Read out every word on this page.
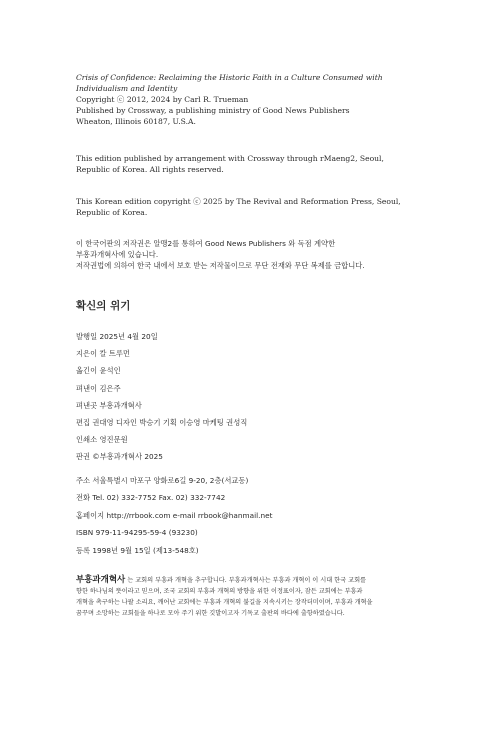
Crisis of Confidence: Reclaiming the Historic Faith in a Culture Consumed with
Individualism and Identity
Copyright ⓒ 2012, 2024 by Carl R. Trueman
Published by Crossway, a publishing ministry of Good News Publishers
Wheaton, Illinois 60187, U.S.A.
This edition published by arrangement with Crossway through rMaeng2, Seoul,
Republic of Korea. All rights reserved.
This Korean edition copyright ⓒ 2025 by The Revival and Reformation Press, Seoul,
Republic of Korea.
이 한국어판의 저작권은 알맹2를 통하여 Good News Publishers 와 독점 계약한
부흥과개혁사에 있습니다.
저작권법에 의하여 한국 내에서 보호 받는 저작물이므로 무단 전재와 무단 복제를 금합니다.
확신의 위기
발행일 2025년 4월 20일
지은이 칼 트루먼
옮긴이 윤석인
펴낸이 김은주
펴낸곳 부흥과개혁사
편집 권대영 디자인 박승기 기획 이승영 마케팅 권성직
인쇄소 영진문원
판권 ©부흥과개혁사 2025
주소 서울특별시 마포구 양화로6길 9-20, 2층(서교동)
전화 Tel. 02) 332-7752 Fax. 02) 332-7742
홈페이지 http://rrbook.com e-mail rrbook@hanmail.net
ISBN 979-11-94295-59-4 (93230)
등록 1998년 9월 15일 (제13-548호)
부흥과개혁사 는 교회의 부흥과 개혁을 추구합니다. 부흥과개혁사는 부흥과 개혁이 이 시대 한국 교회를
향한 하나님의 뜻이라고 믿으며, 조국 교회의 부흥과 개혁의 방향을 위한 이정표이자, 잠든 교회에는 부흥과
개혁을 촉구하는 나팔 소리요, 깨어난 교회에는 부흥과 개혁의 불길을 지속시키는 장작더미이며, 부흥과 개혁을
꿈꾸며 소망하는 교회들을 하나로 모아 주기 위한 깃발이고자 기독교 출판의 바다에 출항하였습니다.
